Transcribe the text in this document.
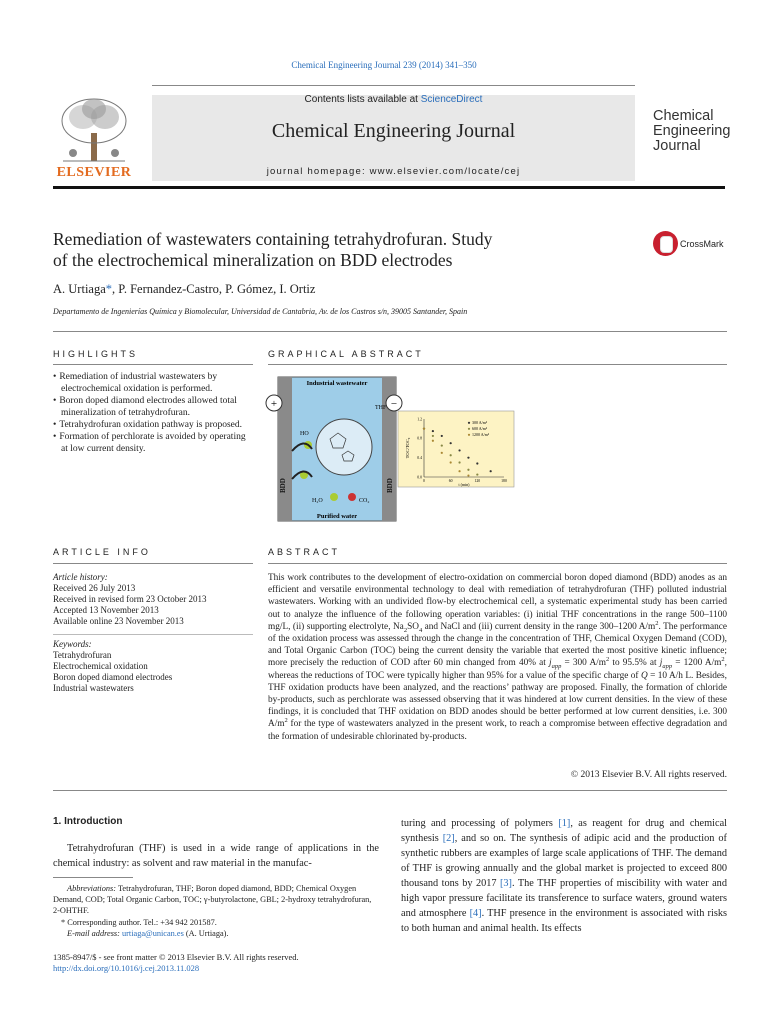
Chemical Engineering Journal 239 (2014) 341–350
ELSEVIER
Contents lists available at ScienceDirect
Chemical Engineering Journal
journal homepage: www.elsevier.com/locate/cej
Chemical
Engineering
Journal
Remediation of wastewaters containing tetrahydrofuran. Study
of the electrochemical mineralization on BDD electrodes
CrossMark
A. Urtiaga*, P. Fernandez-Castro, P. Gómez, I. Ortiz
Departamento de Ingenierías Química y Biomolecular, Universidad de Cantabria, Av. de los Castros s/n, 39005 Santander, Spain
HIGHLIGHTS
• Remediation of industrial wastewaters by electrochemical oxidation is performed.
• Boron doped diamond electrodes allowed total mineralization of tetrahydrofuran.
• Tetrahydrofuran oxidation pathway is proposed.
• Formation of perchlorate is avoided by operating at low current density.
GRAPHICAL ABSTRACT
Industrial wastewater
Purified water
BDD	BDD
+	−
THF
HO
H₂O	CO₂
TOC/TOC₀
t (min)
0	60	120	180
0.0
0.4
0.8
1.2
300 A/m²
600 A/m²
1200 A/m²
ARTICLE INFO
Article history:
Received 26 July 2013
Received in revised form 23 October 2013
Accepted 13 November 2013
Available online 23 November 2013
Keywords:
Tetrahydrofuran
Electrochemical oxidation
Boron doped diamond electrodes
Industrial wastewaters
ABSTRACT
This work contributes to the development of electro-oxidation on commercial boron doped diamond (BDD) anodes as an efficient and versatile environmental technology to deal with remediation of tetrahydrofuran (THF) polluted industrial wastewaters. Working with an undivided flow-by electrochemical cell, a systematic experimental study has been carried out to analyze the influence of the following operation variables: (i) initial THF concentrations in the range 500–1100 mg/L, (ii) supporting electrolyte, $Na_2SO_4$ and NaCl and (iii) current density in the range 300–1200 $A/m^2$. The performance of the oxidation process was assessed through the change in the concentration of THF, Chemical Oxygen Demand (COD), and Total Organic Carbon (TOC) being the current density the variable that exerted the most positive kinetic influence; more precisely the reduction of COD after 60 min changed from 40% at $j_{app} = 300$ $A/m^2$ to 95.5% at $j_{app} = 1200$ $A/m^2$, whereas the reductions of TOC were typically higher than 95% for a value of the specific charge of Q = 10 A/h L. Besides, THF oxidation products have been analyzed, and the reactions’ pathway are proposed. Finally, the formation of chloride by-products, such as perchlorate was assessed observing that it was hindered at low current densities. In the view of these findings, it is concluded that THF oxidation on BDD anodes should be better performed at low current densities, i.e. 300 $A/m^2$ for the type of wastewaters analyzed in the present work, to reach a compromise between effective degradation and the formation of undesirable chlorinated by-products.
© 2013 Elsevier B.V. All rights reserved.
1. Introduction
Tetrahydrofuran (THF) is used in a wide range of applications in the chemical industry: as solvent and raw material in the manufac-
turing and processing of polymers [1], as reagent for drug and chemical synthesis [2], and so on. The synthesis of adipic acid and the production of synthetic rubbers are examples of large scale applications of THF. The demand of THF is growing annually and the global market is projected to exceed 800 thousand tons by 2017 [3]. The THF properties of miscibility with water and high vapor pressure facilitate its transference to surface waters, ground waters and atmosphere [4]. THF presence in the environment is associated with risks to both human and animal health. Its effects

Abbreviations: Tetrahydrofuran, THF; Boron doped diamond, BDD; Chemical Oxygen Demand, COD; Total Organic Carbon, TOC; γ-butyrolactone, GBL; 2-hydroxy tetrahydrofuran, 2-OHTHF.

* Corresponding author. Tel.: +34 942 201587.

E-mail address: urtiaga@unican.es (A. Urtiaga).

1385-8947/$ - see front matter © 2013 Elsevier B.V. All rights reserved.
http://dx.doi.org/10.1016/j.cej.2013.11.028
